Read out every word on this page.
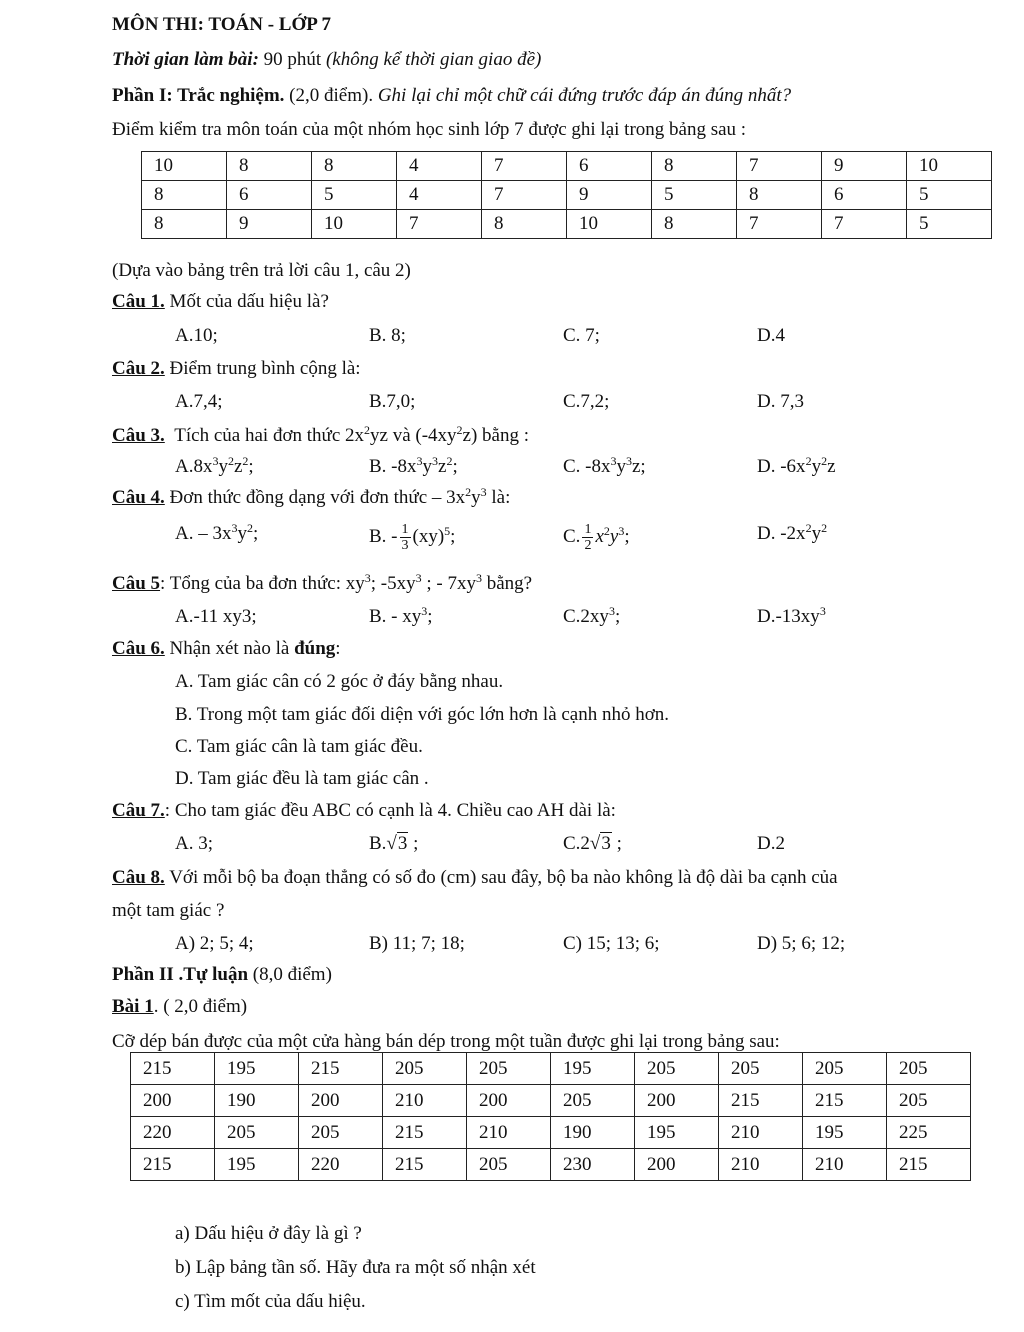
MÔN THI: TOÁN - LỚP 7
Thời gian làm bài: 90 phút (không kể thời gian giao đề)
Phần I: Trắc nghiệm. (2,0 điểm). Ghi lại chỉ một chữ cái đứng trước đáp án đúng nhất?
Điểm kiểm tra môn toán của một nhóm học sinh lớp 7 được ghi lại trong bảng sau :
10	8	8	4	7	6	8	7	9	10
8	6	5	4	7	9	5	8	6	5
8	9	10	7	8	10	8	7	7	5
(Dựa vào bảng trên trả lời câu 1, câu 2)
Câu 1. Mốt của dấu hiệu là?
A.10;	B. 8;	C. 7;	D.4
Câu 2. Điểm trung bình cộng là:
A.7,4;	B.7,0;	C.7,2;	D. 7,3
Câu 3. Tích của hai đơn thức $2x^2yz$ và $(-4xy^2z)$ bằng :
$A.8x^3y^2z^2$;	B. $-8x^3y^3z^2$;	C. $-8x^3y^3z$;	D. $-6x^2y^2z$
Câu 4. Đơn thức đồng dạng với đơn thức – $3x^2y^3$ là:
A. – $3x^3y^2$;	B. - $\frac{1}{3} (xy)^5$;	C. $\frac{1}{2} x^2y^3$;	D. $-2x^2y^2$
Câu 5: Tổng của ba đơn thức: $xy^3$; $-5xy^3$ ; - $7xy^3$ bằng?
A.-11 xy3;	B. - $xy^3$;	$C.2xy^3$;	$D.-13xy^3$
Câu 6. Nhận xét nào là đúng:
A. Tam giác cân có 2 góc ở đáy bằng nhau.
B. Trong một tam giác đối diện với góc lớn hơn là cạnh nhỏ hơn.
C. Tam giác cân là tam giác đều.
D. Tam giác đều là tam giác cân .
Câu 7.: Cho tam giác đều ABC có cạnh là 4. Chiều cao AH dài là:
A. 3;	B.√3 ;	C.2√3 ;	D.2
Câu 8. Với mỗi bộ ba đoạn thẳng có số đo (cm) sau đây, bộ ba nào không là độ dài ba cạnh của
một tam giác ?
A) 2; 5; 4;	B) 11; 7; 18;	C) 15; 13; 6;	D) 5; 6; 12;
Phần II .Tự luận (8,0 điểm)
Bài 1. ( 2,0 điểm)
Cỡ dép bán được của một cửa hàng bán dép trong một tuần được ghi lại trong bảng sau:
215	195	215	205	205	195	205	205	205	205
200	190	200	210	200	205	200	215	215	205
220	205	205	215	210	190	195	210	195	225
215	195	220	215	205	230	200	210	210	215
a) Dấu hiệu ở đây là gì ?
b) Lập bảng tần số. Hãy đưa ra một số nhận xét
c) Tìm mốt của dấu hiệu.
